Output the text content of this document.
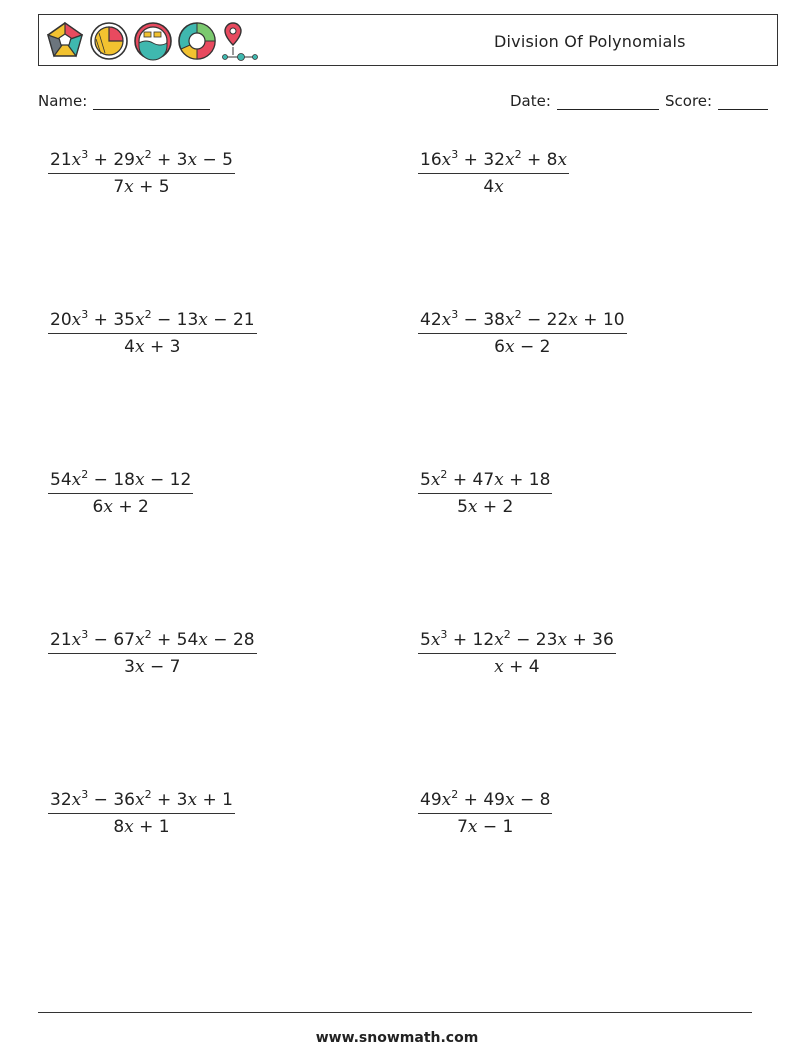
Division Of Polynomials
Name:	Date:	Score:
$\frac{21x^3 + 29x^2 + 3x - 5}{7x + 5}$	$\frac{16x^3 + 32x^2 + 8x}{4x}$
$\frac{20x^3 + 35x^2 - 13x - 21}{4x + 3}$	$\frac{42x^3 - 38x^2 - 22x + 10}{6x - 2}$
$\frac{54x^2 - 18x - 12}{6x + 2}$	$\frac{5x^2 + 47x + 18}{5x + 2}$
$\frac{21x^3 - 67x^2 + 54x - 28}{3x - 7}$	$\frac{5x^3 + 12x^2 - 23x + 36}{x + 4}$
$\frac{32x^3 - 36x^2 + 3x + 1}{8x + 1}$	$\frac{49x^2 + 49x - 8}{7x - 1}$
www.snowmath.com
